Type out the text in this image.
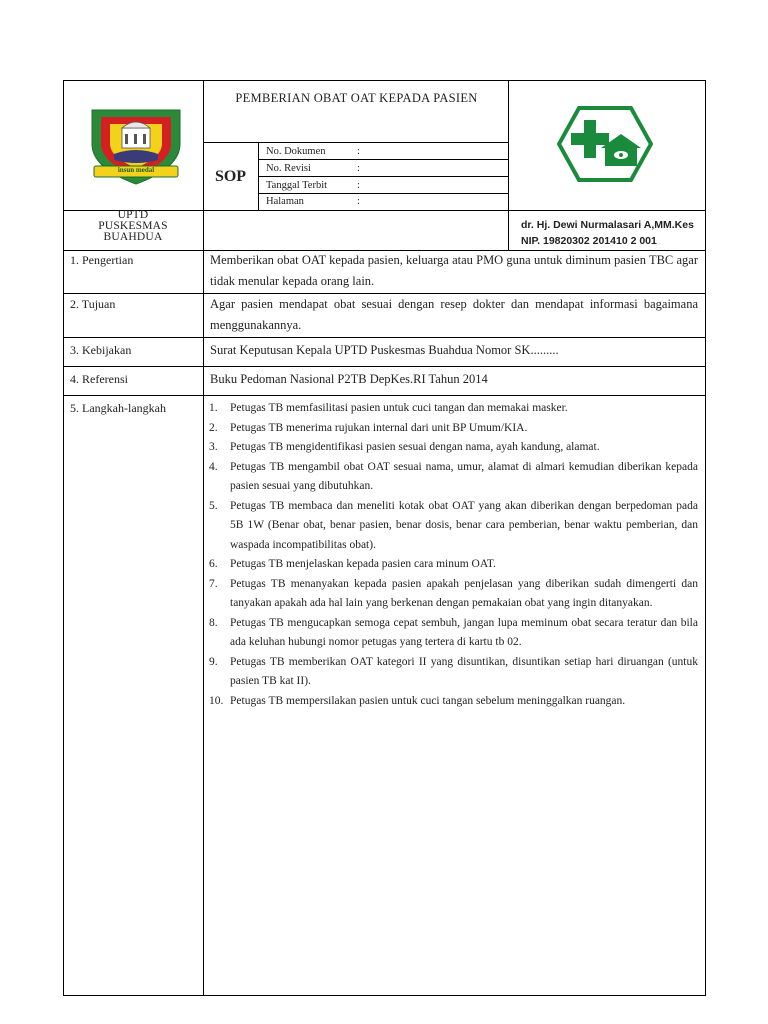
insun medal
PEMBERIAN OBAT OAT KEPADA PASIEN
SOP
No. Dokumen	:
No. Revisi	:
Tanggal Terbit	:
Halaman	:
UPTD
PUSKESMAS
BUAHDUA
dr. Hj. Dewi Nurmalasari A,MM.Kes
NIP. 19820302 201410 2 001
1. Pengertian	Memberikan obat OAT kepada pasien, keluarga atau PMO guna untuk diminum pasien TBC agar tidak menular kepada orang lain.
2. Tujuan	Agar pasien mendapat obat sesuai dengan resep dokter dan mendapat informasi bagaimana menggunakannya.
3. Kebijakan	Surat Keputusan Kepala UPTD Puskesmas Buahdua Nomor SK.........
4. Referensi	Buku Pedoman Nasional P2TB DepKes.RI Tahun 2014
5. Langkah-langkah	1. Petugas TB memfasilitasi pasien untuk cuci tangan dan memakai masker.
2. Petugas TB menerima rujukan internal dari unit BP Umum/KIA.
3. Petugas TB mengidentifikasi pasien sesuai dengan nama, ayah kandung, alamat.
4. Petugas TB mengambil obat OAT sesuai nama, umur, alamat di almari kemudian diberikan kepada pasien sesuai yang dibutuhkan.
5. Petugas TB membaca dan meneliti kotak obat OAT yang akan diberikan dengan berpedoman pada 5B 1W (Benar obat, benar pasien, benar dosis, benar cara pemberian, benar waktu pemberian, dan waspada incompatibilitas obat).
6. Petugas TB menjelaskan kepada pasien cara minum OAT.
7. Petugas TB menanyakan kepada pasien apakah penjelasan yang diberikan sudah dimengerti dan tanyakan apakah ada hal lain yang berkenan dengan pemakaian obat yang ingin ditanyakan.
8. Petugas TB mengucapkan semoga cepat sembuh, jangan lupa meminum obat secara teratur dan bila ada keluhan hubungi nomor petugas yang tertera di kartu tb 02.
9. Petugas TB memberikan OAT kategori II yang disuntikan, disuntikan setiap hari diruangan (untuk pasien TB kat II).
10. Petugas TB mempersilakan pasien untuk cuci tangan sebelum meninggalkan ruangan.
